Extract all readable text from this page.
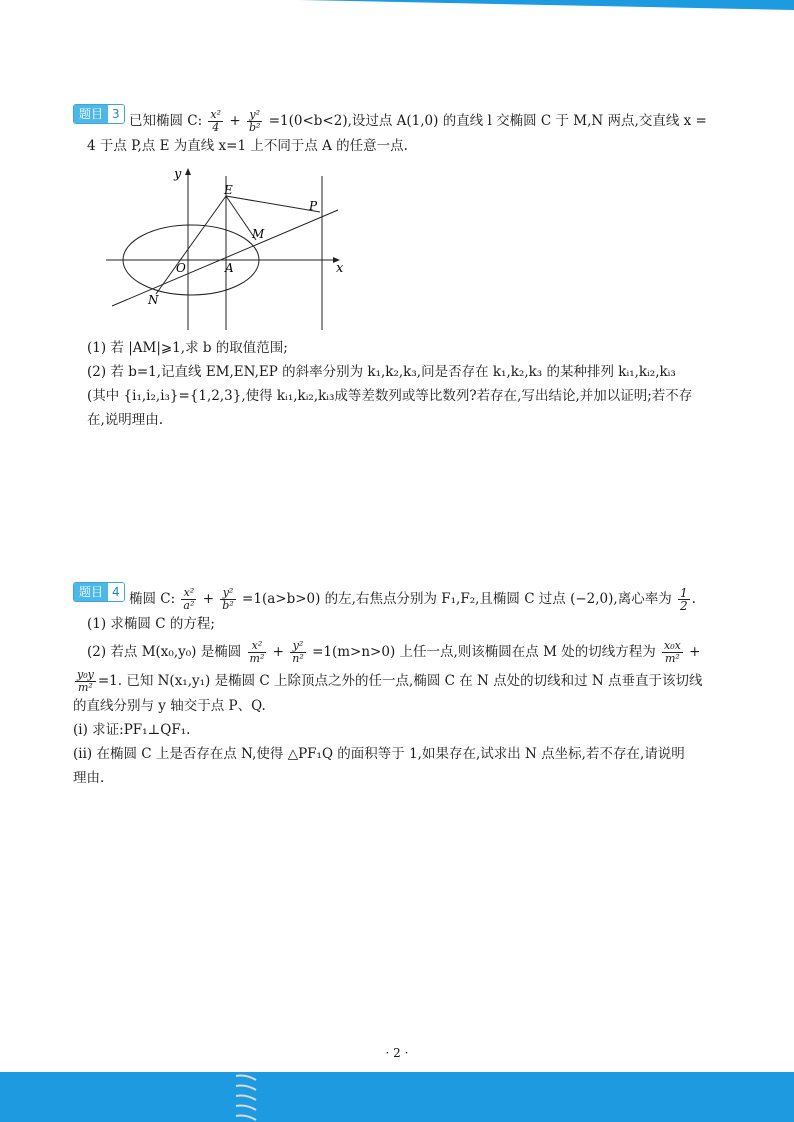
题目 3 已知椭圆 C: $\frac{\text{x²}}{4} + \frac{\text{y²}}{\text{b²}} =1(0<b<2)$,设过点 A(1,0) 的直线 l 交椭圆 C 于 M,N 两点,交直线 x =
4 于点 P,点 E 为直线 x=1 上不同于点 A 的任意一点.
y
x
O	A
E
P
M
N
(1) 若 |AM|⩾1,求 b 的取值范围;
(2) 若 b=1,记直线 EM,EN,EP 的斜率分别为 k₁,k₂,k₃,问是否存在 k₁,k₂,k₃ 的某种排列 kᵢ₁,kᵢ₂,kᵢ₃
(其中 {i₁,i₂,i₃}={1,2,3},使得 kᵢ₁,kᵢ₂,kᵢ₃成等差数列或等比数列?若存在,写出结论,并加以证明;若不存
在,说明理由.
题目 4 椭圆 C: $\frac{\text{x²}}{\text{a²}} + \frac{\text{y²}}{\text{b²}} =1(a>b>0)$ 的左,右焦点分别为 F₁,F₂,且椭圆 C 过点 (−2,0),离心率为 $\frac{1}{2}$ .
(1) 求椭圆 C 的方程;
(2) 若点 M(x₀,y₀) 是椭圆 $\frac{\text{x²}}{\text{m²}} + \frac{\text{y²}}{\text{n²}} =1(m>n>0)$ 上任一点,则该椭圆在点 M 处的切线方程为 $\frac{\text{x₀x}}{\text{m²}}$ +
$\frac{\text{y₀y}}{\text{m²}} =1$. 已知 N(x₁,y₁) 是椭圆 C 上除顶点之外的任一点,椭圆 C 在 N 点处的切线和过 N 点垂直于该切线
的直线分别与 y 轴交于点 P、Q.
(i) 求证:PF₁⊥QF₁.
(ii) 在椭圆 C 上是否存在点 N,使得 △PF₁Q 的面积等于 1,如果存在,试求出 N 点坐标,若不存在,请说明
理由.
· 2 ·
